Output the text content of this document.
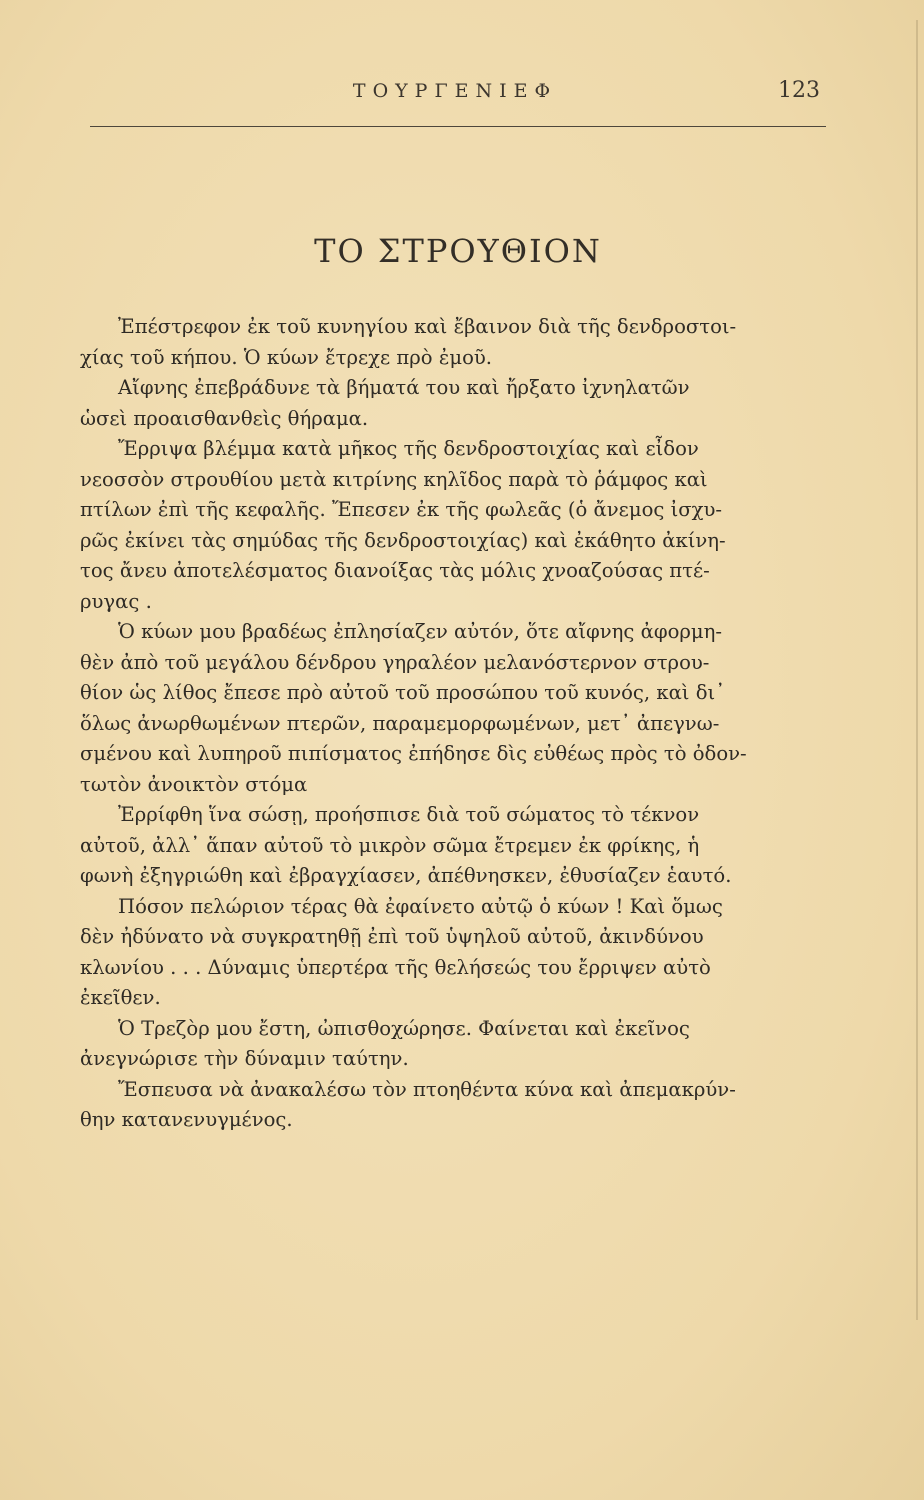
ΤΟΥΡΓΕΝΙΕΦ	123
ΤΟ ΣΤΡΟΥΘΙΟΝ
Ἐπέστρεφον ἐκ τοῦ κυνηγίου καὶ ἔβαινον διὰ τῆς δενδροστοι-
χίας τοῦ κήπου. Ὁ κύων ἔτρεχε πρὸ ἐμοῦ.
Αἴφνης ἐπεβράδυνε τὰ βήματά του καὶ ἤρξατο ἰχνηλατῶν
ὡσεὶ προαισθανθεὶς θήραμα.
Ἔρριψα βλέμμα κατὰ μῆκος τῆς δενδροστοιχίας καὶ εἶδον
νεοσσὸν στρουθίου μετὰ κιτρίνης κηλῖδος παρὰ τὸ ῥάμφος καὶ
πτίλων ἐπὶ τῆς κεφαλῆς. Ἔπεσεν ἐκ τῆς φωλεᾶς (ὁ ἄνεμος ἰσχυ-
ρῶς ἐκίνει τὰς σημύδας τῆς δενδροστοιχίας) καὶ ἐκάθητο ἀκίνη-
τος ἄνευ ἀποτελέσματος διανοίξας τὰς μόλις χνοαζούσας πτέ-
ρυγας .
Ὁ κύων μου βραδέως ἐπλησίαζεν αὐτόν, ὅτε αἴφνης ἀφορμη-
θὲν ἀπὸ τοῦ μεγάλου δένδρου γηραλέον μελανόστερνον στρου-
θίον ὡς λίθος ἔπεσε πρὸ αὐτοῦ τοῦ προσώπου τοῦ κυνός, καὶ δι᾽
ὅλως ἀνωρθωμένων πτερῶν, παραμεμορφωμένων, μετ᾽ ἀπεγνω-
σμένου καὶ λυπηροῦ πιπίσματος ἐπήδησε δὶς εὐθέως πρὸς τὸ ὀδον-
τωτὸν ἀνοικτὸν στόμα
Ἐρρίφθη ἵνα σώσῃ, προήσπισε διὰ τοῦ σώματος τὸ τέκνον
αὐτοῦ, ἀλλ᾽ ἅπαν αὐτοῦ τὸ μικρὸν σῶμα ἔτρεμεν ἐκ φρίκης, ἡ
φωνὴ ἐξηγριώθη καὶ ἐβραγχίασεν, ἀπέθνησκεν, ἐθυσίαζεν ἑαυτό.
Πόσον πελώριον τέρας θὰ ἐφαίνετο αὐτῷ ὁ κύων ! Καὶ ὅμως
δὲν ἠδύνατο νὰ συγκρατηθῇ ἐπὶ τοῦ ὑψηλοῦ αὐτοῦ, ἀκινδύνου
κλωνίου . . . Δύναμις ὑπερτέρα τῆς θελήσεώς του ἔρριψεν αὐτὸ
ἐκεῖθεν.
Ὁ Τρεζὸρ μου ἔστη, ὠπισθοχώρησε. Φαίνεται καὶ ἐκεῖνος
ἀνεγνώρισε τὴν δύναμιν ταύτην.
Ἔσπευσα νὰ ἀνακαλέσω τὸν πτοηθέντα κύνα καὶ ἀπεμακρύν-
θην κατανενυγμένος.
